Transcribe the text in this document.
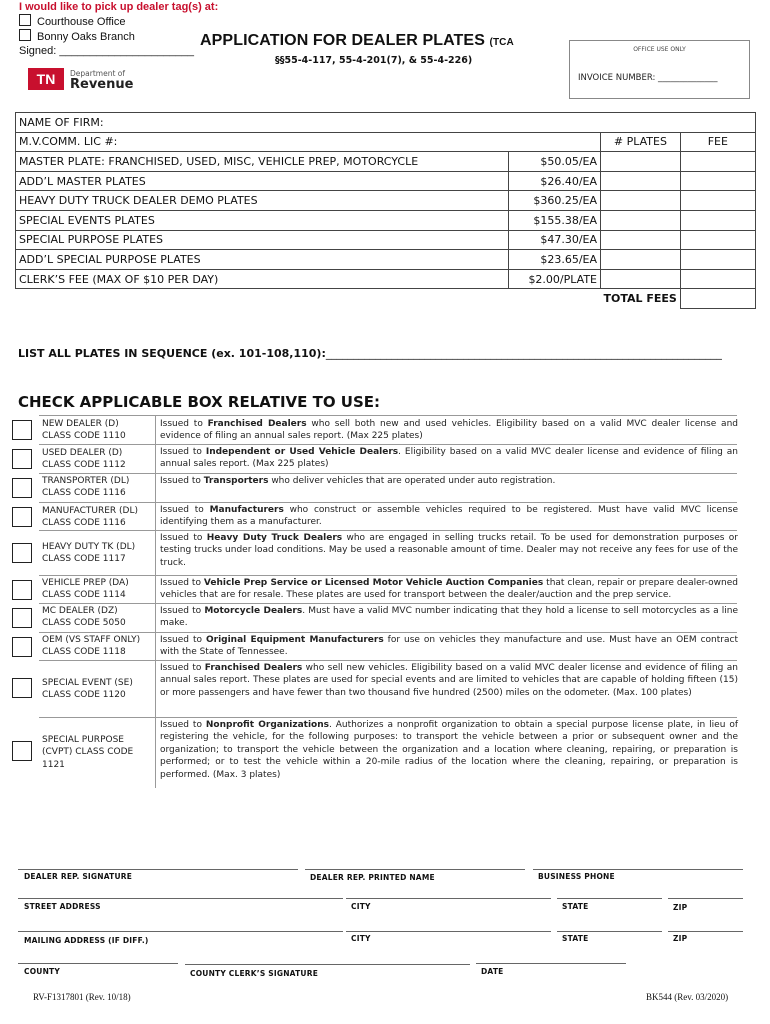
I would like to pick up dealer tag(s) at:
Courthouse Office
Bonny Oaks Branch
Signed: ______________________
APPLICATION FOR DEALER PLATES (TCA
§§55-4-117, 55-4-201(7), & 55-4-226)
OFFICE USE ONLY
INVOICE NUMBER: ______________
TN	Department of
Revenue
NAME OF FIRM:			
M.V.COMM. LIC #:		# PLATES	FEE
MASTER PLATE: FRANCHISED, USED, MISC, VEHICLE PREP, MOTORCYCLE	$50.05/EA		
ADD’L MASTER PLATES	$26.40/EA		
HEAVY DUTY TRUCK DEALER DEMO PLATES	$360.25/EA		
SPECIAL EVENTS PLATES	$155.38/EA		
SPECIAL PURPOSE PLATES	$47.30/EA		
ADD’L SPECIAL PURPOSE PLATES	$23.65/EA		
CLERK’S FEE (MAX OF $10 PER DAY)	$2.00/PLATE		
		TOTAL FEES	
LIST ALL PLATES IN SEQUENCE (ex. 101-108,110):________________________________________________________________________
CHECK APPLICABLE BOX RELATIVE TO USE:
NEW DEALER (D)
CLASS CODE 1110
Issued to Franchised Dealers who sell both new and used vehicles. Eligibility based on a valid MVC dealer license and evidence of filing an annual sales report. (Max 225 plates)
USED DEALER (D)
CLASS CODE 1112
Issued to Independent or Used Vehicle Dealers. Eligibility based on a valid MVC dealer license and evidence of filing an annual sales report. (Max 225 plates)
TRANSPORTER (DL)
CLASS CODE 1116
Issued to Transporters who deliver vehicles that are operated under auto registration.
MANUFACTURER (DL)
CLASS CODE 1116
Issued to Manufacturers who construct or assemble vehicles required to be registered. Must have valid MVC license identifying them as a manufacturer.
HEAVY DUTY TK (DL)
CLASS CODE 1117
Issued to Heavy Duty Truck Dealers who are engaged in selling trucks retail. To be used for demonstration purposes or testing trucks under load conditions. May be used a reasonable amount of time. Dealer may not receive any fees for use of the truck.
VEHICLE PREP (DA)
CLASS CODE 1114
Issued to Vehicle Prep Service or Licensed Motor Vehicle Auction Companies that clean, repair or prepare dealer-owned vehicles that are for resale. These plates are used for transport between the dealer/auction and the prep service.
MC DEALER (DZ)
CLASS CODE 5050
Issued to Motorcycle Dealers. Must have a valid MVC number indicating that they hold a license to sell motorcycles as a line make.
OEM (VS STAFF ONLY)
CLASS CODE 1118
Issued to Original Equipment Manufacturers for use on vehicles they manufacture and use. Must have an OEM contract with the State of Tennessee.
SPECIAL EVENT (SE)
CLASS CODE 1120
Issued to Franchised Dealers who sell new vehicles. Eligibility based on a valid MVC dealer license and evidence of filing an annual sales report. These plates are used for special events and are limited to vehicles that are capable of holding fifteen (15) or more passengers and have fewer than two thousand five hundred (2500) miles on the odometer. (Max. 100 plates)
SPECIAL PURPOSE
(CVPT) CLASS CODE
1121
Issued to Nonprofit Organizations. Authorizes a nonprofit organization to obtain a special purpose license plate, in lieu of registering the vehicle, for the following purposes: to transport the vehicle between a prior or subsequent owner and the organization; to transport the vehicle between the organization and a location where cleaning, repairing, or preparation is performed; or to test the vehicle within a 20-mile radius of the location where the cleaning, repairing, or preparation is performed. (Max. 3 plates)
DEALER REP. SIGNATURE	DEALER REP. PRINTED NAME	BUSINESS PHONE
STREET ADDRESS	CITY	STATE	ZIP
MAILING ADDRESS (IF DIFF.)	CITY	STATE	ZIP
COUNTY	COUNTY CLERK’S SIGNATURE	DATE
RV-F1317801 (Rev. 10/18)	BK544 (Rev. 03/2020)
